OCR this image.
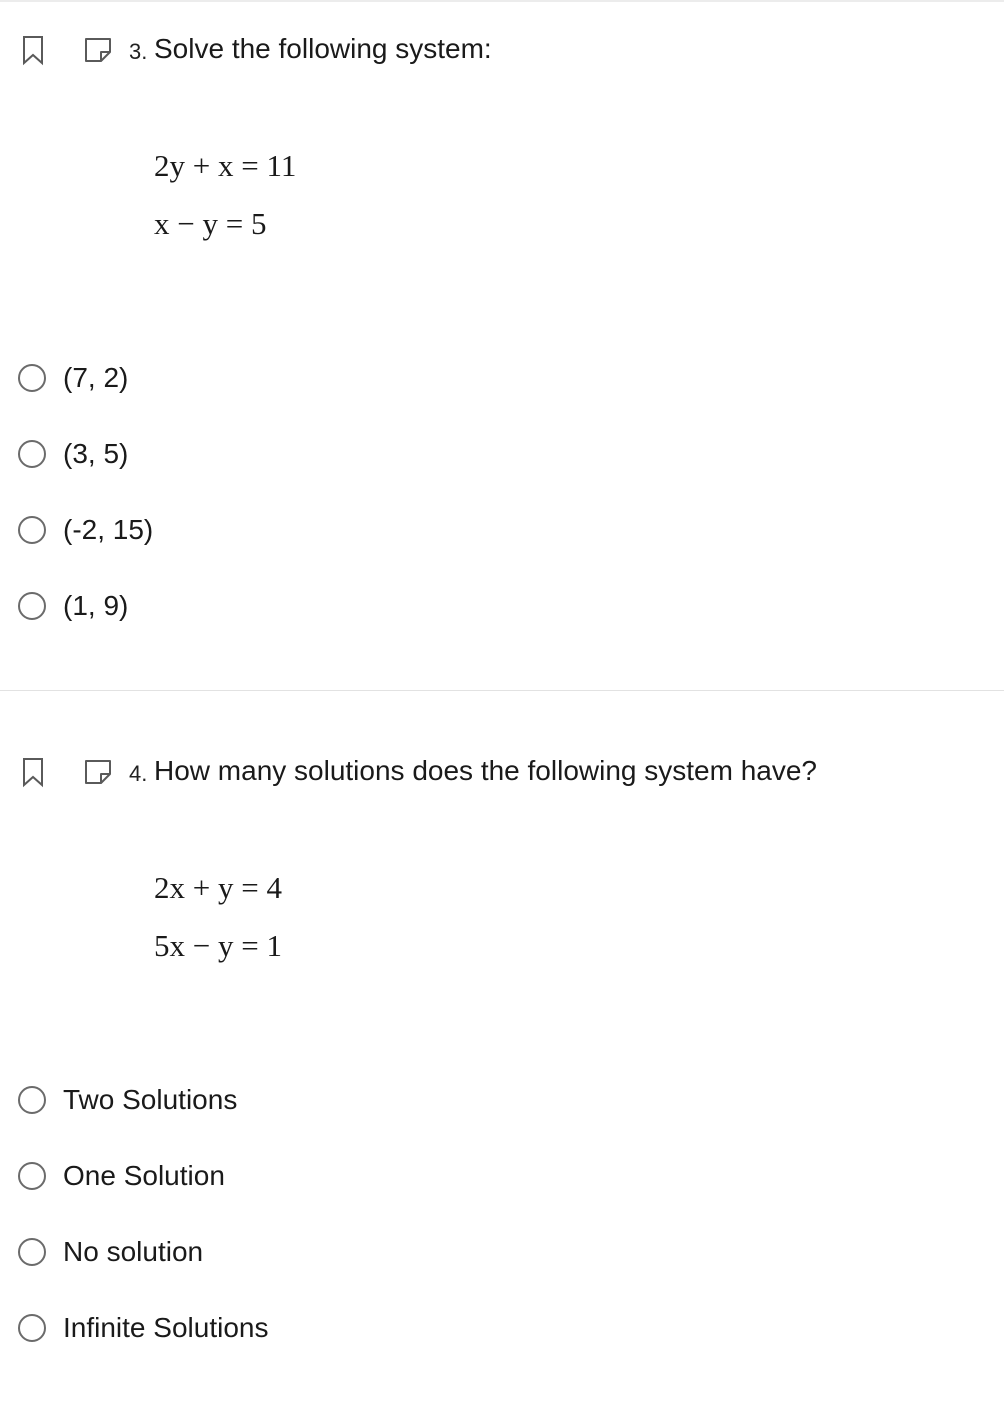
3. Solve the following system:
2y + x = 11
x − y = 5
(7, 2)
(3, 5)
(-2, 15)
(1, 9)
4. How many solutions does the following system have?
2x + y = 4
5x − y = 1
Two Solutions
One Solution
No solution
Infinite Solutions
